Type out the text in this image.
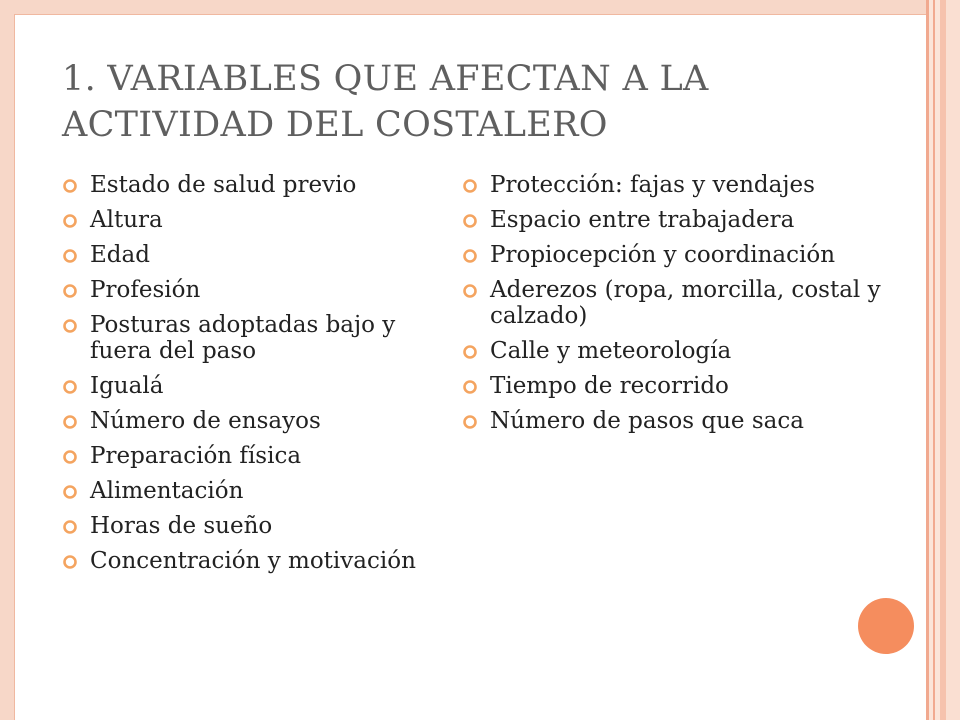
1. VARIABLES QUE AFECTAN A LA
ACTIVIDAD DEL COSTALERO
Estado de salud previo
Altura
Edad
Profesión
Posturas adoptadas bajo y fuera del paso
Igualá
Número de ensayos
Preparación física
Alimentación
Horas de sueño
Concentración y motivación
Protección: fajas y vendajes
Espacio entre trabajadera
Propiocepción y coordinación
Aderezos (ropa, morcilla, costal y calzado)
Calle y meteorología
Tiempo de recorrido
Número de pasos que saca
